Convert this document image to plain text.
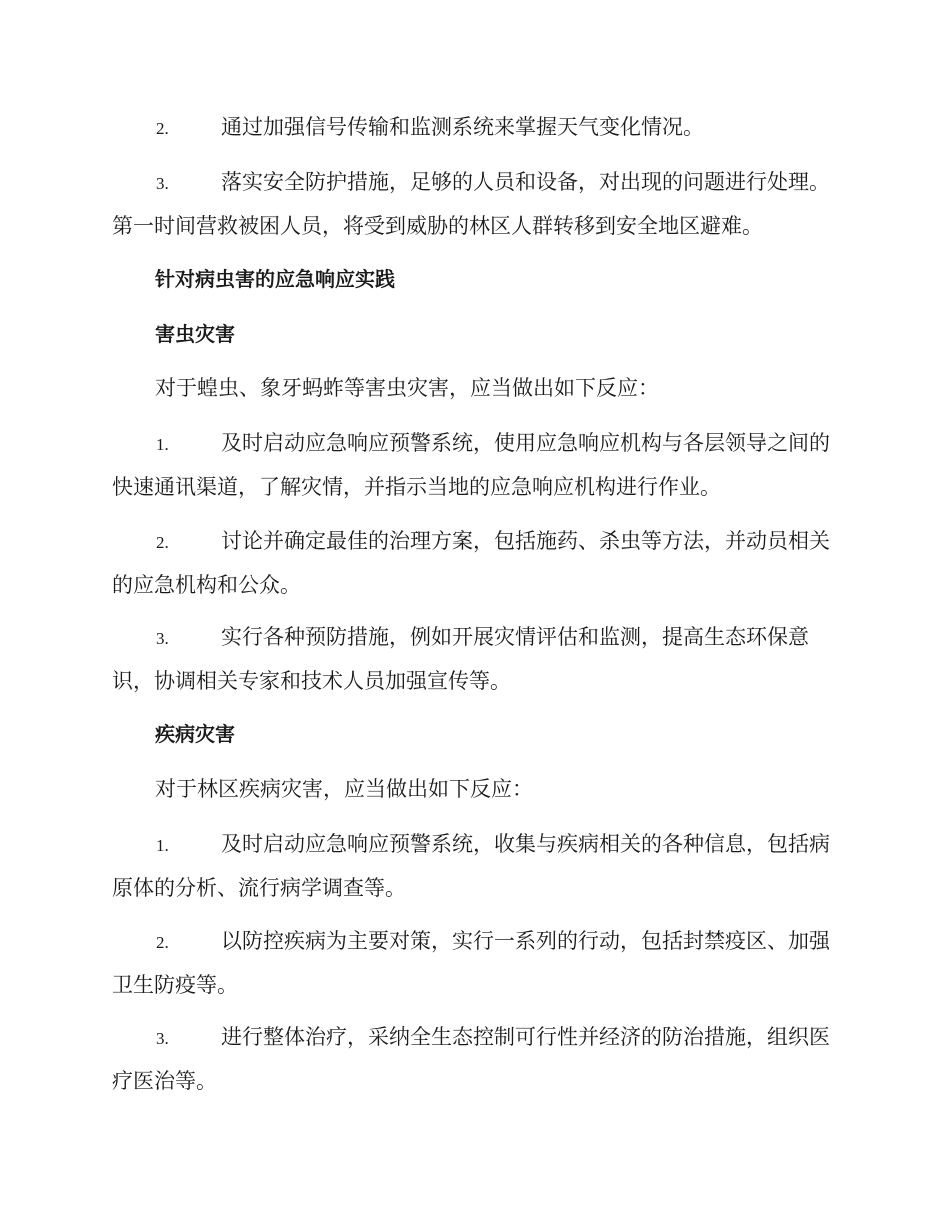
2. 通过加强信号传输和监测系统来掌握天气变化情况。

3. 落实安全防护措施，足够的人员和设备，对出现的问题进行处理。第一时间营救被困人员，将受到威胁的林区人群转移到安全地区避难。

针对病虫害的应急响应实践

害虫灾害

对于蝗虫、象牙蚂蚱等害虫灾害，应当做出如下反应：

1. 及时启动应急响应预警系统，使用应急响应机构与各层领导之间的快速通讯渠道，了解灾情，并指示当地的应急响应机构进行作业。

2. 讨论并确定最佳的治理方案，包括施药、杀虫等方法，并动员相关的应急机构和公众。

3. 实行各种预防措施，例如开展灾情评估和监测，提高生态环保意识，协调相关专家和技术人员加强宣传等。

疾病灾害

对于林区疾病灾害，应当做出如下反应：

1. 及时启动应急响应预警系统，收集与疾病相关的各种信息，包括病原体的分析、流行病学调查等。

2. 以防控疾病为主要对策，实行一系列的行动，包括封禁疫区、加强卫生防疫等。

3. 进行整体治疗，采纳全生态控制可行性并经济的防治措施，组织医疗医治等。
